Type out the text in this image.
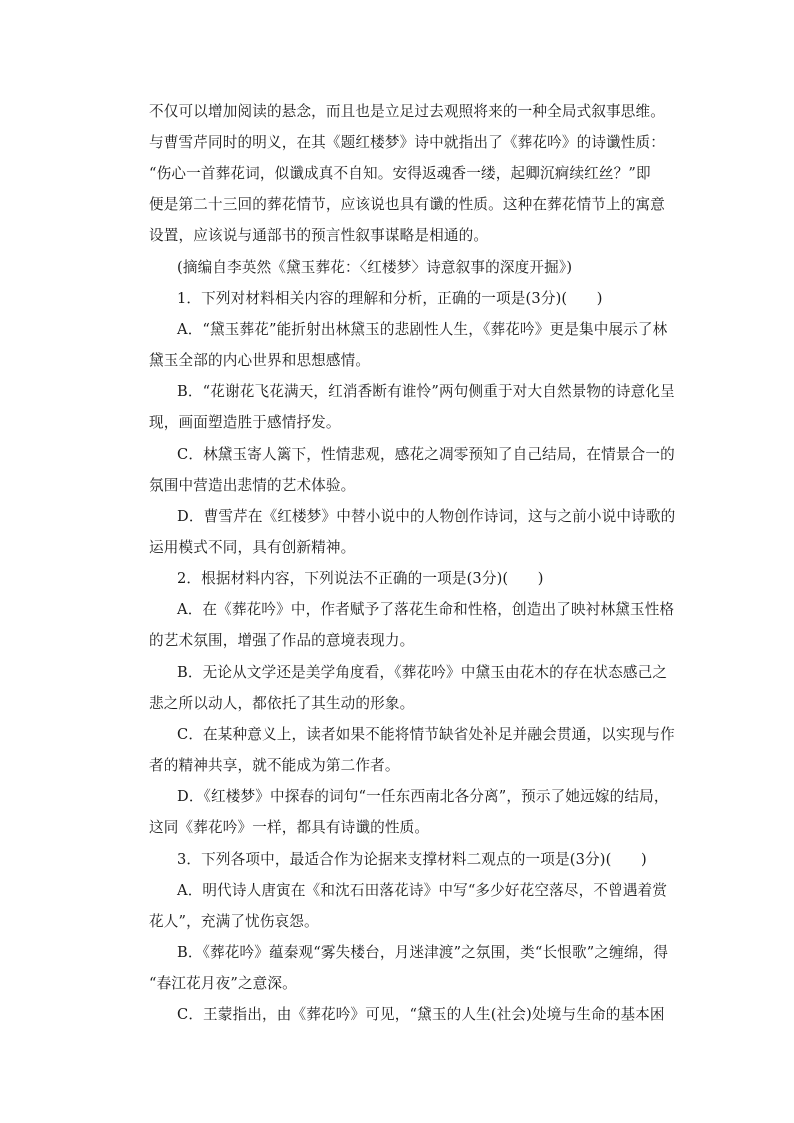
不仅可以增加阅读的悬念，而且也是立足过去观照将来的一种全局式叙事思维。
与曹雪芹同时的明义，在其《题红楼梦》诗中就指出了《葬花吟》的诗谶性质：
“伤心一首葬花词，似谶成真不自知。安得返魂香一缕，起卿沉痾续红丝？”即
便是第二十三回的葬花情节，应该说也具有谶的性质。这种在葬花情节上的寓意
设置，应该说与通部书的预言性叙事谋略是相通的。
(摘编自李英然《黛玉葬花：〈红楼梦〉诗意叙事的深度开掘》)
1．下列对材料相关内容的理解和分析，正确的一项是(3分)(　　)
A．“黛玉葬花”能折射出林黛玉的悲剧性人生，《葬花吟》更是集中展示了林
黛玉全部的内心世界和思想感情。
B．“花谢花飞花满天，红消香断有谁怜”两句侧重于对大自然景物的诗意化呈
现，画面塑造胜于感情抒发。
C．林黛玉寄人篱下，性情悲观，感花之凋零预知了自己结局，在情景合一的
氛围中营造出悲情的艺术体验。
D．曹雪芹在《红楼梦》中替小说中的人物创作诗词，这与之前小说中诗歌的
运用模式不同，具有创新精神。
2．根据材料内容，下列说法不正确的一项是(3分)(　　)
A．在《葬花吟》中，作者赋予了落花生命和性格，创造出了映衬林黛玉性格
的艺术氛围，增强了作品的意境表现力。
B．无论从文学还是美学角度看，《葬花吟》中黛玉由花木的存在状态感己之
悲之所以动人，都依托了其生动的形象。
C．在某种意义上，读者如果不能将情节缺省处补足并融会贯通，以实现与作
者的精神共享，就不能成为第二作者。
D．《红楼梦》中探春的词句“一任东西南北各分离”，预示了她远嫁的结局，
这同《葬花吟》一样，都具有诗谶的性质。
3．下列各项中，最适合作为论据来支撑材料二观点的一项是(3分)(　　)
A．明代诗人唐寅在《和沈石田落花诗》中写“多少好花空落尽，不曾遇着赏
花人”，充满了忧伤哀怨。
B．《葬花吟》蕴秦观“雾失楼台，月迷津渡”之氛围，类“长恨歌”之缠绵，得
“春江花月夜”之意深。
C．王蒙指出，由《葬花吟》可见，“黛玉的人生(社会)处境与生命的基本困
